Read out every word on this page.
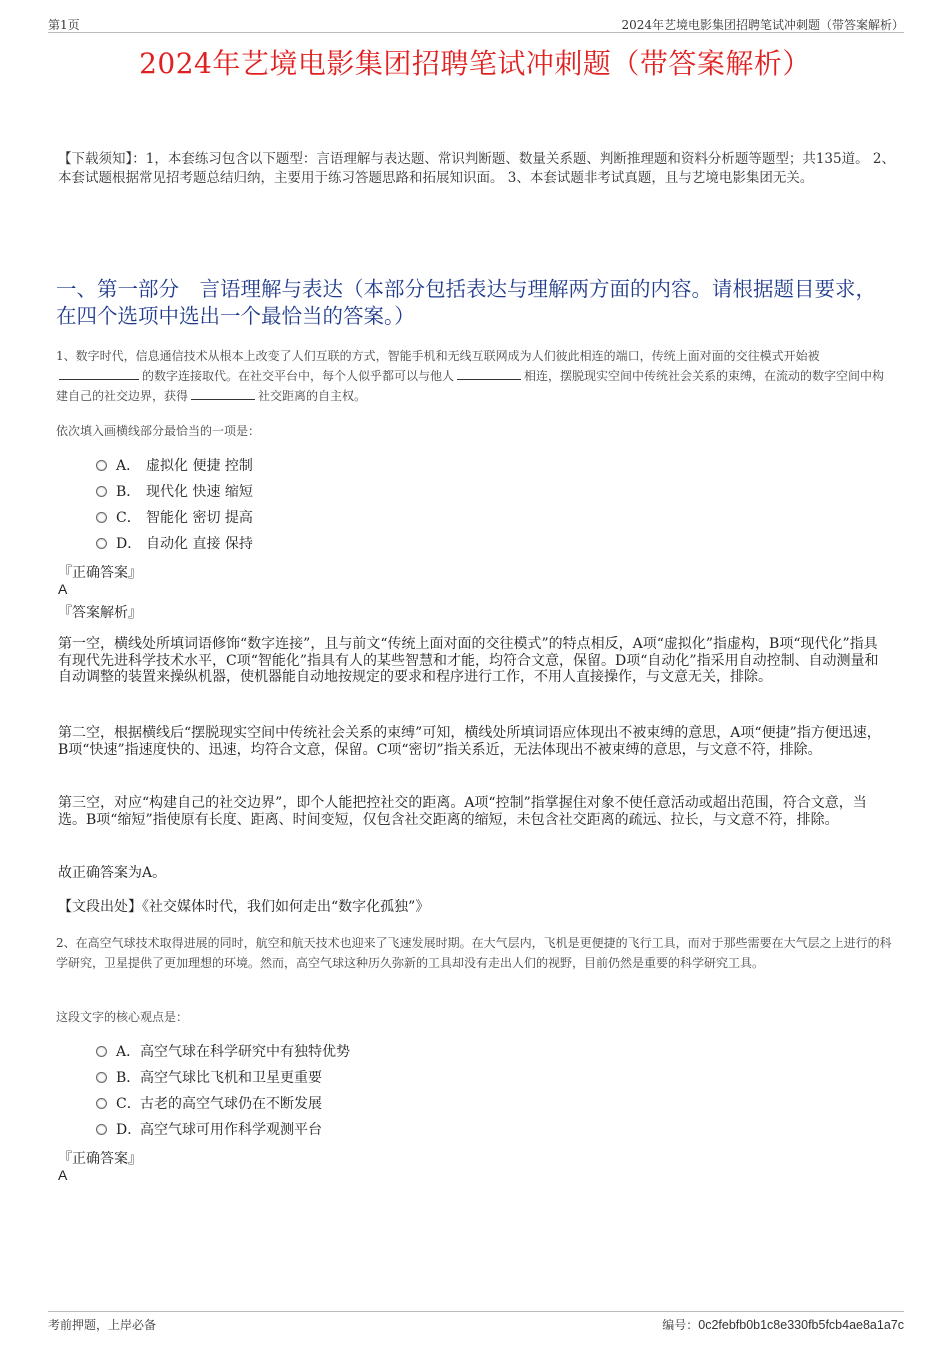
第1页	2024年艺境电影集团招聘笔试冲刺题（带答案解析）
2024年艺境电影集团招聘笔试冲刺题（带答案解析）
【下载须知】：1，本套练习包含以下题型：言语理解与表达题、常识判断题、数量关系题、判断推理题和资料分析题等题型；共135道。 2、本套试题根据常见招考题总结归纳，主要用于练习答题思路和拓展知识面。 3、本套试题非考试真题，且与艺境电影集团无关。
一、第一部分　言语理解与表达（本部分包括表达与理解两方面的内容。请根据题目要求，在四个选项中选出一个最恰当的答案。）
1、数字时代，信息通信技术从根本上改变了人们互联的方式，智能手机和无线互联网成为人们彼此相连的端口，传统上面对面的交往模式开始被的数字连接取代。在社交平台中，每个人似乎都可以与他人	相连，摆脱现实空间中传统社会关系的束缚，在流动的数字空间中构建自己的社交边界，获得	社交距离的自主权。
依次填入画横线部分最恰当的一项是：
A． 虚拟化 便捷 控制
B． 现代化 快速 缩短
C． 智能化 密切 提高
D． 自动化 直接 保持
『正确答案』
A
『答案解析』
第一空，横线处所填词语修饰“数字连接”，且与前文“传统上面对面的交往模式”的特点相反，A项“虚拟化”指虚构，B项“现代化”指具有现代先进科学技术水平，C项“智能化”指具有人的某些智慧和才能，均符合文意，保留。D项“自动化”指采用自动控制、自动测量和自动调整的装置来操纵机器，使机器能自动地按规定的要求和程序进行工作，不用人直接操作，与文意无关，排除。
第二空，根据横线后“摆脱现实空间中传统社会关系的束缚”可知，横线处所填词语应体现出不被束缚的意思，A项“便捷”指方便迅速，B项“快速”指速度快的、迅速，均符合文意，保留。C项“密切”指关系近，无法体现出不被束缚的意思，与文意不符，排除。
第三空，对应“构建自己的社交边界”，即个人能把控社交的距离。A项“控制”指掌握住对象不使任意活动或超出范围，符合文意，当选。B项“缩短”指使原有长度、距离、时间变短，仅包含社交距离的缩短，未包含社交距离的疏远、拉长，与文意不符，排除。
故正确答案为A。
【文段出处】《社交媒体时代，我们如何走出“数字化孤独”》
2、在高空气球技术取得进展的同时，航空和航天技术也迎来了飞速发展时期。在大气层内，飞机是更便捷的飞行工具，而对于那些需要在大气层之上进行的科学研究，卫星提供了更加理想的环境。然而，高空气球这种历久弥新的工具却没有走出人们的视野，目前仍然是重要的科学研究工具。
这段文字的核心观点是：
A． 高空气球在科学研究中有独特优势
B． 高空气球比飞机和卫星更重要
C． 古老的高空气球仍在不断发展
D．
高空气球可用作科学观测平台
『正确答案』
A
考前押题，上岸必备	编号：0c2febfb0b1c8e330fb5fcb4ae8a1a7c
